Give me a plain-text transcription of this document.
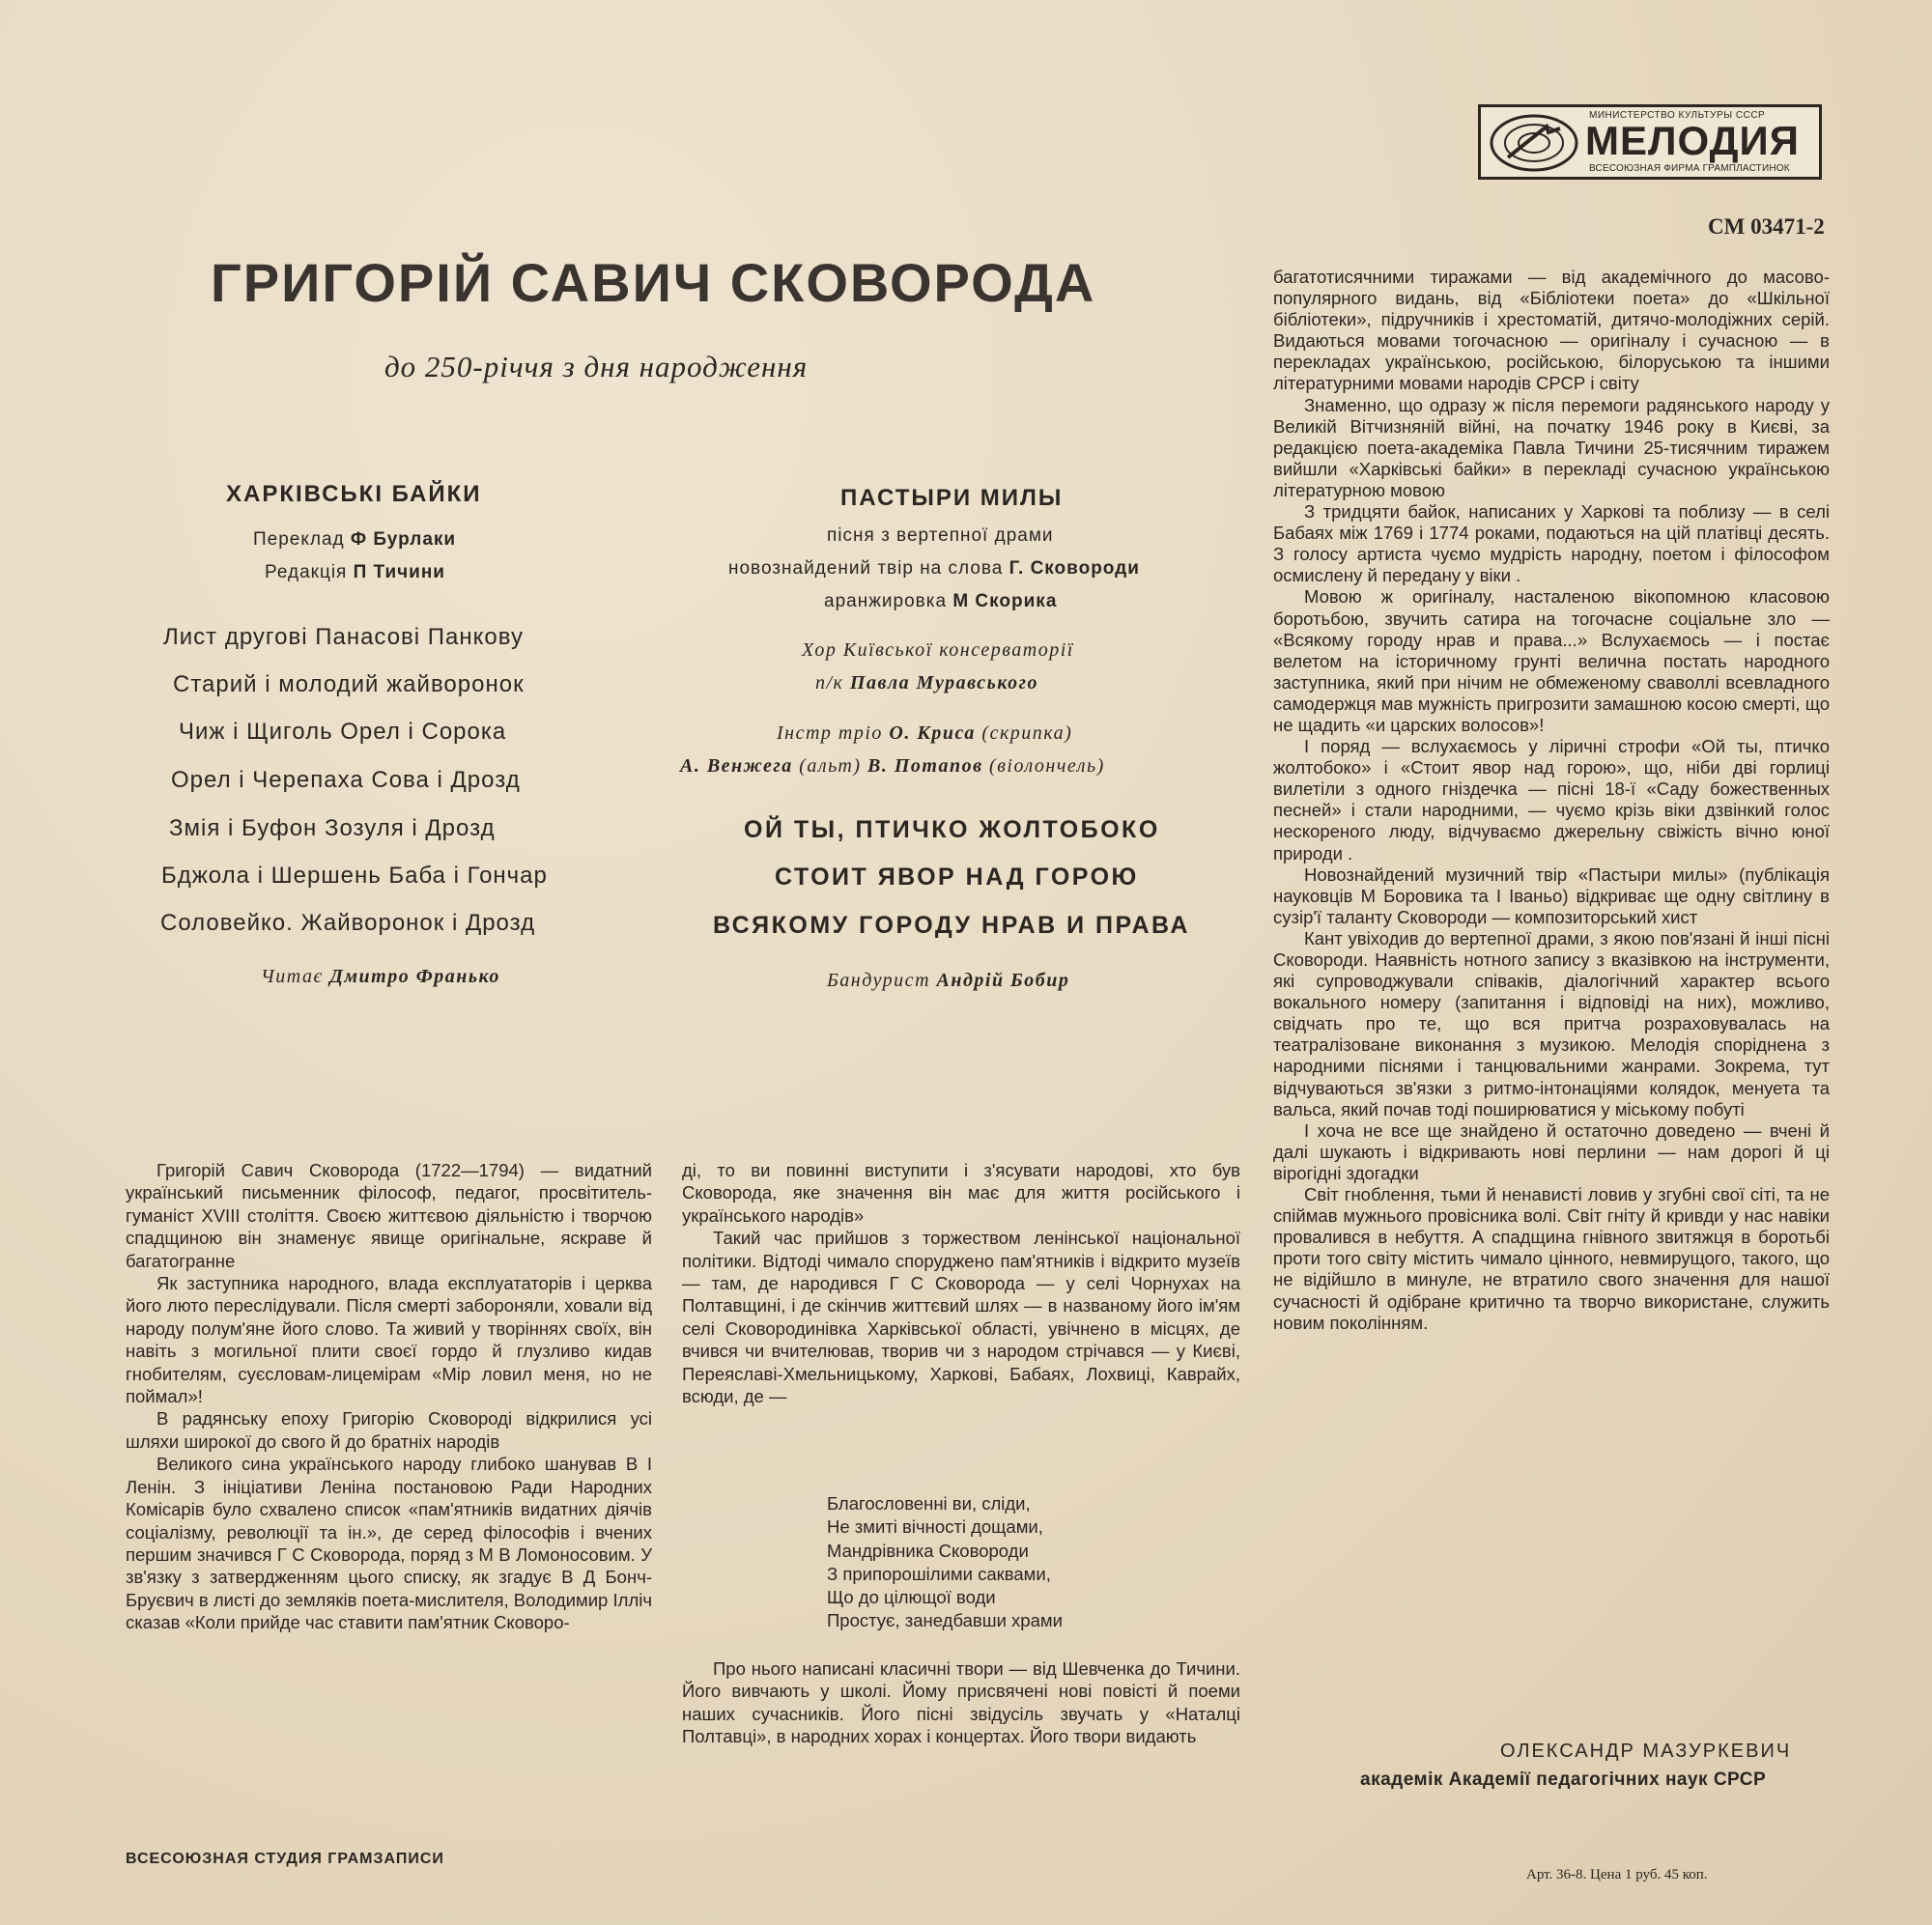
МИНИСТЕРСТВО КУЛЬТУРЫ СССР
МЕЛОДИЯ
ВСЕСОЮЗНАЯ ФИРМА ГРАМПЛАСТИНОК
СМ 03471-2
ГРИГОРІЙ САВИЧ СКОВОРОДА
до 250-річчя з дня народження
ХАРКІВСЬКІ БАЙКИ
Переклад Ф Бурлаки
Редакція П Тичини
Лист другові Панасові Панкову
Старий і молодий жайворонок
Чиж і Щиголь Орел і Сорока
Орел і Черепаха Сова і Дрозд
Змія і Буфон Зозуля і Дрозд
Бджола і Шершень Баба і Гончар
Соловейко. Жайворонок і Дрозд
Читає Дмитро Франько
ПАСТЫРИ МИЛЫ
пісня з вертепної драми
новознайдений твір на слова Г. Сковороди
аранжировка М Скорика
Хор Київської консерваторії
п/к Павла Муравського
Інстр тріо О. Криса (скрипка)
А. Венжега (альт) В. Потапов (віолончель)
ОЙ ТЫ, ПТИЧКО ЖОЛТОБОКО
СТОИТ ЯВОР НАД ГОРОЮ
ВСЯКОМУ ГОРОДУ НРАВ И ПРАВА
Бандурист Андрій Бобир

Григорій Савич Сковорода (1722—1794) — видатний український письменник філософ, педагог, просвітитель-гуманіст XVIII століття. Своєю життєвою діяльністю і творчою спадщиною він знаменує явище оригінальне, яскраве й багатогранне

Як заступника народного, влада експлуататорів і церква його люто переслідували. Після смерті забороняли, ховали від народу полум'яне його слово. Та живий у творіннях своїх, він навіть з могильної плити своєї гордо й глузливо кидав гнобителям, суєсловам-лицемірам «Мір ловил меня, но не поймал»!

В радянську епоху Григорію Сковороді відкрилися усі шляхи широкої до свого й до братніх народів

Великого сина українського народу глибоко шанував В І Ленін. З ініціативи Леніна постановою Ради Народних Комісарів було схвалено список «пам'ятників видатних діячів соціалізму, революції та ін.», де серед філософів і вчених першим значився Г С Сковорода, поряд з М В Ломоносовим. У зв'язку з затвердженням цього списку, як згадує В Д Бонч-Бруєвич в листі до земляків поета-мислителя, Володимир Ілліч сказав «Коли прийде час ставити пам'ятник Сковоро-

ді, то ви повинні виступити і з'ясувати народові, хто був Сковорода, яке значення він має для життя російського і українського народів»

Такий час прийшов з торжеством ленінської національної політики. Відтоді чимало споруджено пам'ятників і відкрито музеїв — там, де народився Г С Сковорода — у селі Чорнухах на Полтавщині, і де скінчив життєвий шлях — в названому його ім'ям селі Сковородинівка Харківської області, увічнено в місцях, де вчився чи вчителював, творив чи з народом стрічався — у Києві, Переяславі-Хмельницькому, Харкові, Бабаях, Лохвиці, Каврайх, всюди, де —

Благословенні ви, сліди,
Не змиті вічності дощами,
Мандрівника Сковороди
З припорошілими саквами,
Що до цілющої води
Простує, занедбавши храми

Про нього написані класичні твори — від Шевченка до Тичини. Його вивчають у школі. Йому присвячені нові повісті й поеми наших сучасників. Його пісні звідусіль звучать у «Наталці Полтавці», в народних хорах і концертах. Його твори видають

багатотисячними тиражами — від академічного до масово-популярного видань, від «Бібліотеки поета» до «Шкільної бібліотеки», підручників і хрестоматій, дитячо-молодіжних серій. Видаються мовами тогочасною — оригіналу і сучасною — в перекладах українською, російською, білоруською та іншими літературними мовами народів СРСР і світу

Знаменно, що одразу ж після перемоги радянського народу у Великій Вітчизняній війні, на початку 1946 року в Києві, за редакцією поета-академіка Павла Тичини 25-тисячним тиражем вийшли «Харківські байки» в перекладі сучасною українською літературною мовою

З тридцяти байок, написаних у Харкові та поблизу — в селі Бабаях між 1769 і 1774 роками, подаються на цій платівці десять. З голосу артиста чуємо мудрість народну, поетом і філософом осмислену й передану у віки .

Мовою ж оригіналу, насталеною вікопомною класовою боротьбою, звучить сатира на тогочасне соціальне зло — «Всякому городу нрав и права...» Вслухаємось — і постає велетом на історичному грунті велична постать народного заступника, який при нічим не обмеженому сваволлі всевладного самодержця мав мужність пригрозити замашною косою смерті, що не щадить «и царских волосов»!

І поряд — вслухаємось у ліричні строфи «Ой ты, птичко жолтобоко» і «Стоит явор над горою», що, ніби дві горлиці вилетіли з одного гніздечка — пісні 18-ї «Саду божественных песней» і стали народними, — чуємо крізь віки дзвінкий голос нескореного люду, відчуваємо джерельну свіжість вічно юної природи .

Новознайдений музичний твір «Пастыри милы» (публікація науковців М Боровика та І Іваньо) відкриває ще одну світлину в сузір'ї таланту Сковороди — композиторський хист

Кант увіходив до вертепної драми, з якою пов'язані й інші пісні Сковороди. Наявність нотного запису з вказівкою на інструменти, які супроводжували співаків, діалогічний характер всього вокального номеру (запитання і відповіді на них), можливо, свідчать про те, що вся притча розраховувалась на театралізоване виконання з музикою. Мелодія споріднена з народними піснями і танцювальними жанрами. Зокрема, тут відчуваються зв'язки з ритмо-інтонаціями колядок, менуета та вальса, який почав тоді поширюватися у міському побуті

І хоча не все ще знайдено й остаточно доведено — вчені й далі шукають і відкривають нові перлини — нам дорогі й ці вірогідні здогадки

Світ гноблення, тьми й ненависті ловив у згубні свої сіті, та не спіймав мужнього провісника волі. Світ гніту й кривди у нас навіки провалився в небуття. А спадщина гнівного звитяжця в боротьбі проти того світу містить чимало цінного, невмирущого, такого, що не відійшло в минуле, не втратило свого значення для нашої сучасності й одібране критично та творчо використане, служить новим поколінням.

ОЛЕКСАНДР МАЗУРКЕВИЧ
академік Академії педагогічних наук СРСР
ВСЕСОЮЗНАЯ СТУДИЯ ГРАМЗАПИСИ
Арт. 36-8. Цена 1 руб. 45 коп.
